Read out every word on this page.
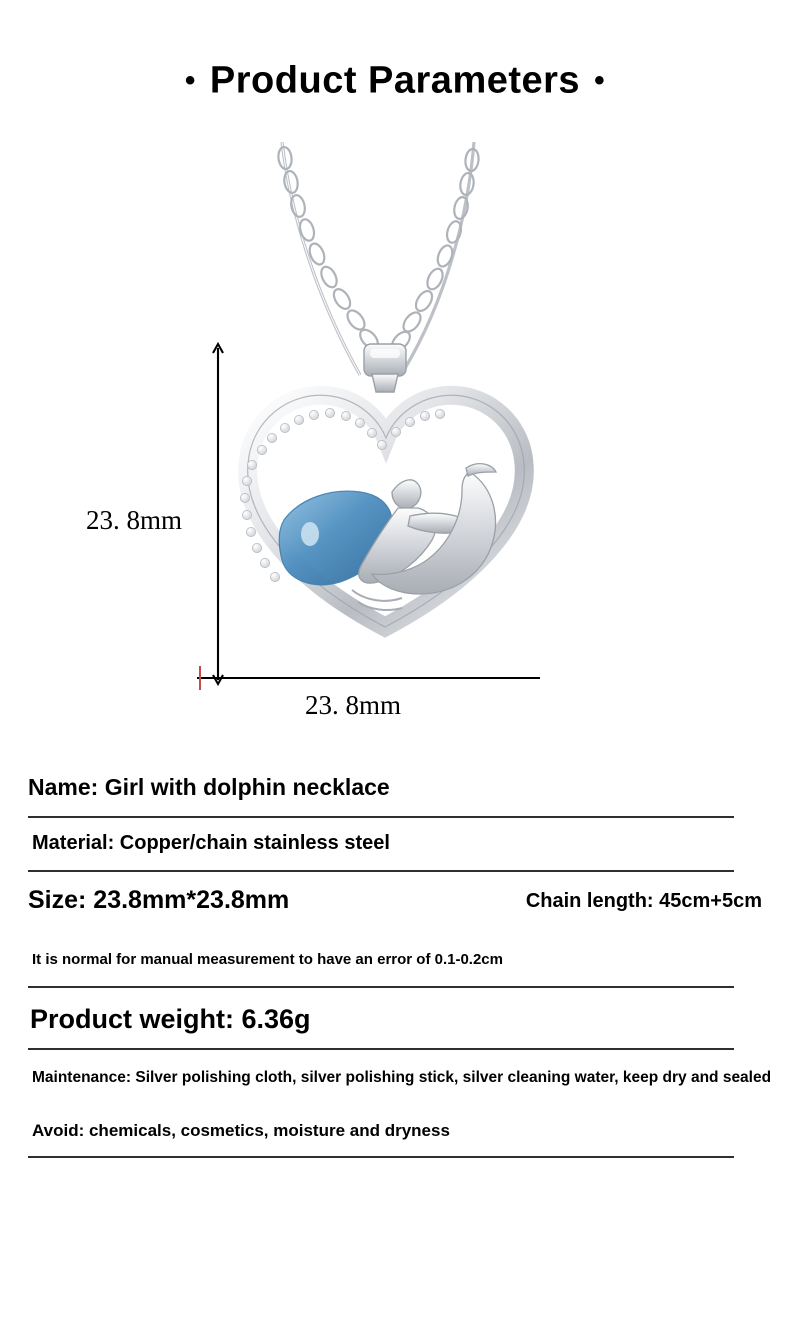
• Product Parameters •
23. 8mm
23. 8mm
Name: Girl with dolphin necklace
Material: Copper/chain stainless steel
Size: 23.8mm*23.8mm	Chain length: 45cm+5cm
It is normal for manual measurement to have an error of 0.1-0.2cm
Product weight: 6.36g
Maintenance: Silver polishing cloth, silver polishing stick, silver cleaning water, keep dry and sealed
Avoid: chemicals, cosmetics, moisture and dryness
